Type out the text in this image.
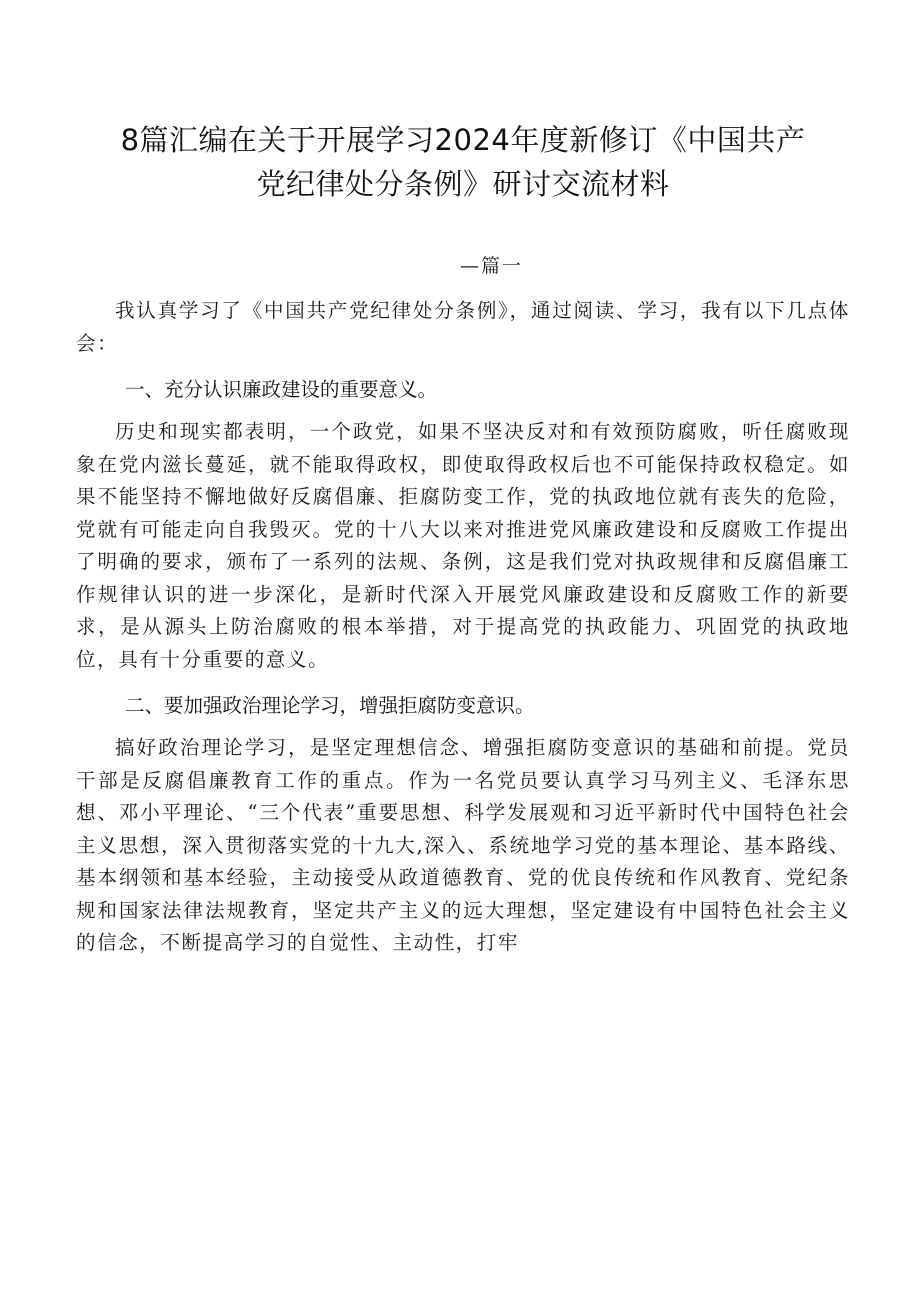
8篇汇编在关于开展学习2024年度新修订《中国共产
党纪律处分条例》研讨交流材料
—篇一

我认真学习了《中国共产党纪律处分条例》，通过阅读、学习，我有以下几点体会：

一、充分认识廉政建设的重要意义。

历史和现实都表明，一个政党，如果不坚决反对和有效预防腐败，听任腐败现象在党内滋长蔓延，就不能取得政权，即使取得政权后也不可能保持政权稳定。如果不能坚持不懈地做好反腐倡廉、拒腐防变工作，党的执政地位就有丧失的危险，党就有可能走向自我毁灭。党的十八大以来对推进党风廉政建设和反腐败工作提出了明确的要求，颁布了一系列的法规、条例，这是我们党对执政规律和反腐倡廉工作规律认识的进一步深化，是新时代深入开展党风廉政建设和反腐败工作的新要求，是从源头上防治腐败的根本举措，对于提高党的执政能力、巩固党的执政地位，具有十分重要的意义。

二、要加强政治理论学习，增强拒腐防变意识。

搞好政治理论学习，是坚定理想信念、增强拒腐防变意识的基础和前提。党员干部是反腐倡廉教育工作的重点。作为一名党员要认真学习马列主义、毛泽东思想、邓小平理论、“三个代表”重要思想、科学发展观和习近平新时代中国特色社会主义思想，深入贯彻落实党的十九大,深入、系统地学习党的基本理论、基本路线、基本纲领和基本经验，主动接受从政道德教育、党的优良传统和作风教育、党纪条规和国家法律法规教育，坚定共产主义的远大理想，坚定建设有中国特色社会主义的信念，不断提高学习的自觉性、主动性，打牢
